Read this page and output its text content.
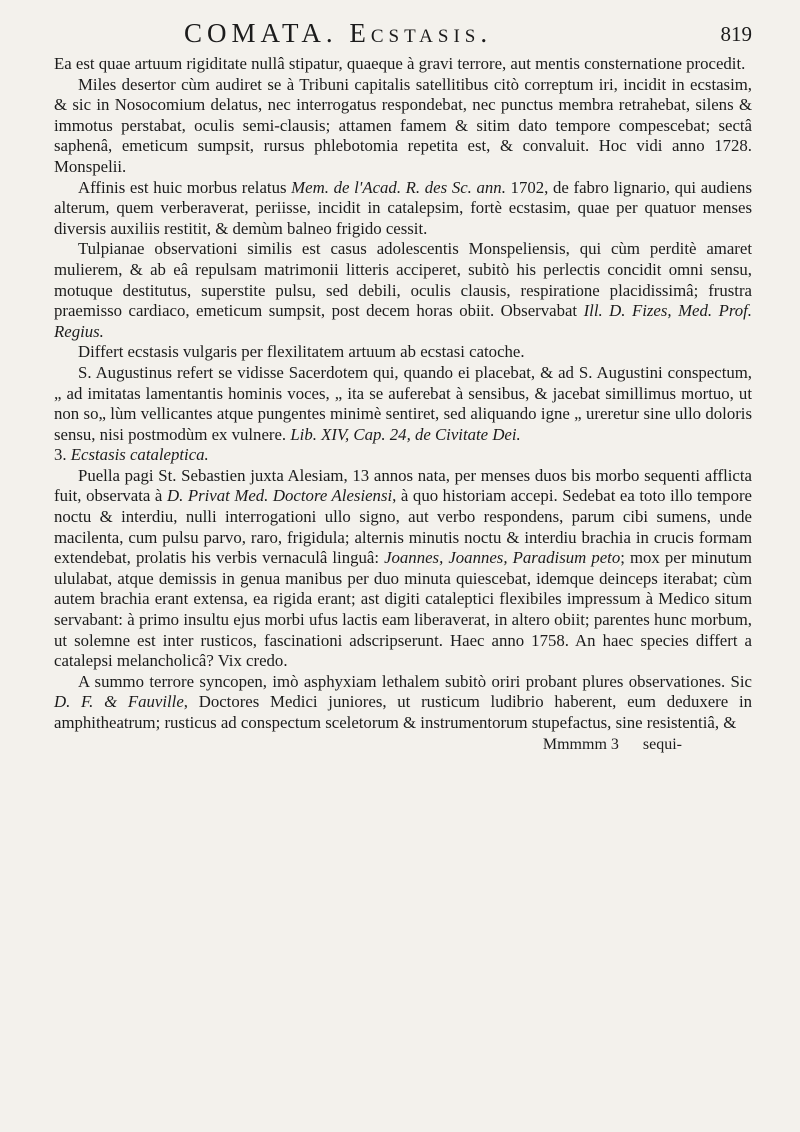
COMATA. Ecstasis.	819

Ea est quae artuum rigiditate nullâ stipatur, quaeque à gravi terrore, aut mentis consternatione procedit.

Miles desertor cùm audiret se à Tribuni capitalis satellitibus citò correptum iri, incidit in ecstasim, & sic in Nosocomium delatus, nec interrogatus respondebat, nec punctus membra retrahebat, silens & immotus perstabat, oculis semi-clausis; attamen famem & sitim dato tempore compescebat; sectâ saphenâ, emeticum sumpsit, rursus phlebotomia repetita est, & convaluit. Hoc vidi anno 1728. Monspelii.

Affinis est huic morbus relatus Mem. de l'Acad. R. des Sc. ann. 1702, de fabro lignario, qui audiens alterum, quem verberaverat, periisse, incidit in catalepsim, fortè ecstasim, quae per quatuor menses diversis auxiliis restitit, & demùm balneo frigido cessit.

Tulpianae observationi similis est casus adolescentis Monspeliensis, qui cùm perditè amaret mulierem, & ab eâ repulsam matrimonii litteris acciperet, subitò his perlectis concidit omni sensu, motuque destitutus, superstite pulsu, sed debili, oculis clausis, respiratione placidissimâ; frustra praemisso cardiaco, emeticum sumpsit, post decem horas obiit. Observabat Ill. D. Fizes, Med. Prof. Regius.

Differt ecstasis vulgaris per flexilitatem artuum ab ecstasi catoche.

S. Augustinus refert se vidisse Sacerdotem qui, quando ei placebat, & ad S. Augustini conspectum, „ ad imitatas lamentantis hominis voces, „ ita se auferebat à sensibus, & jacebat simillimus mortuo, ut non so„ lùm vellicantes atque pungentes minimè sentiret, sed aliquando igne „ ureretur sine ullo doloris sensu, nisi postmodùm ex vulnere. Lib. XIV, Cap. 24, de Civitate Dei.

3. Ecstasis cataleptica.

Puella pagi St. Sebastien juxta Alesiam, 13 annos nata, per menses duos bis morbo sequenti afflicta fuit, observata à D. Privat Med. Doctore Alesiensi, à quo historiam accepi. Sedebat ea toto illo tempore noctu & interdiu, nulli interrogationi ullo signo, aut verbo respondens, parum cibi sumens, unde macilenta, cum pulsu parvo, raro, frigidula; alternis minutis noctu & interdiu brachia in crucis formam extendebat, prolatis his verbis vernaculâ linguâ: Joannes, Joannes, Paradisum peto; mox per minutum ululabat, atque demissis in genua manibus per duo minuta quiescebat, idemque deinceps iterabat; cùm autem brachia erant extensa, ea rigida erant; ast digiti cataleptici flexibiles impressum à Medico situm servabant: à primo insultu ejus morbi ufus lactis eam liberaverat, in altero obiit; parentes hunc morbum, ut solemne est inter rusticos, fascinationi adscripserunt. Haec anno 1758. An haec species differt a catalepsi melancholicâ? Vix credo.

A summo terrore syncopen, imò asphyxiam lethalem subitò oriri probant plures observationes. Sic D. F. & Fauville, Doctores Medici juniores, ut rusticum ludibrio haberent, eum deduxere in amphitheatrum; rusticus ad conspectum sceletorum & instrumentorum stupefactus, sine resistentiâ, &

Mmmmm 3 sequi-
